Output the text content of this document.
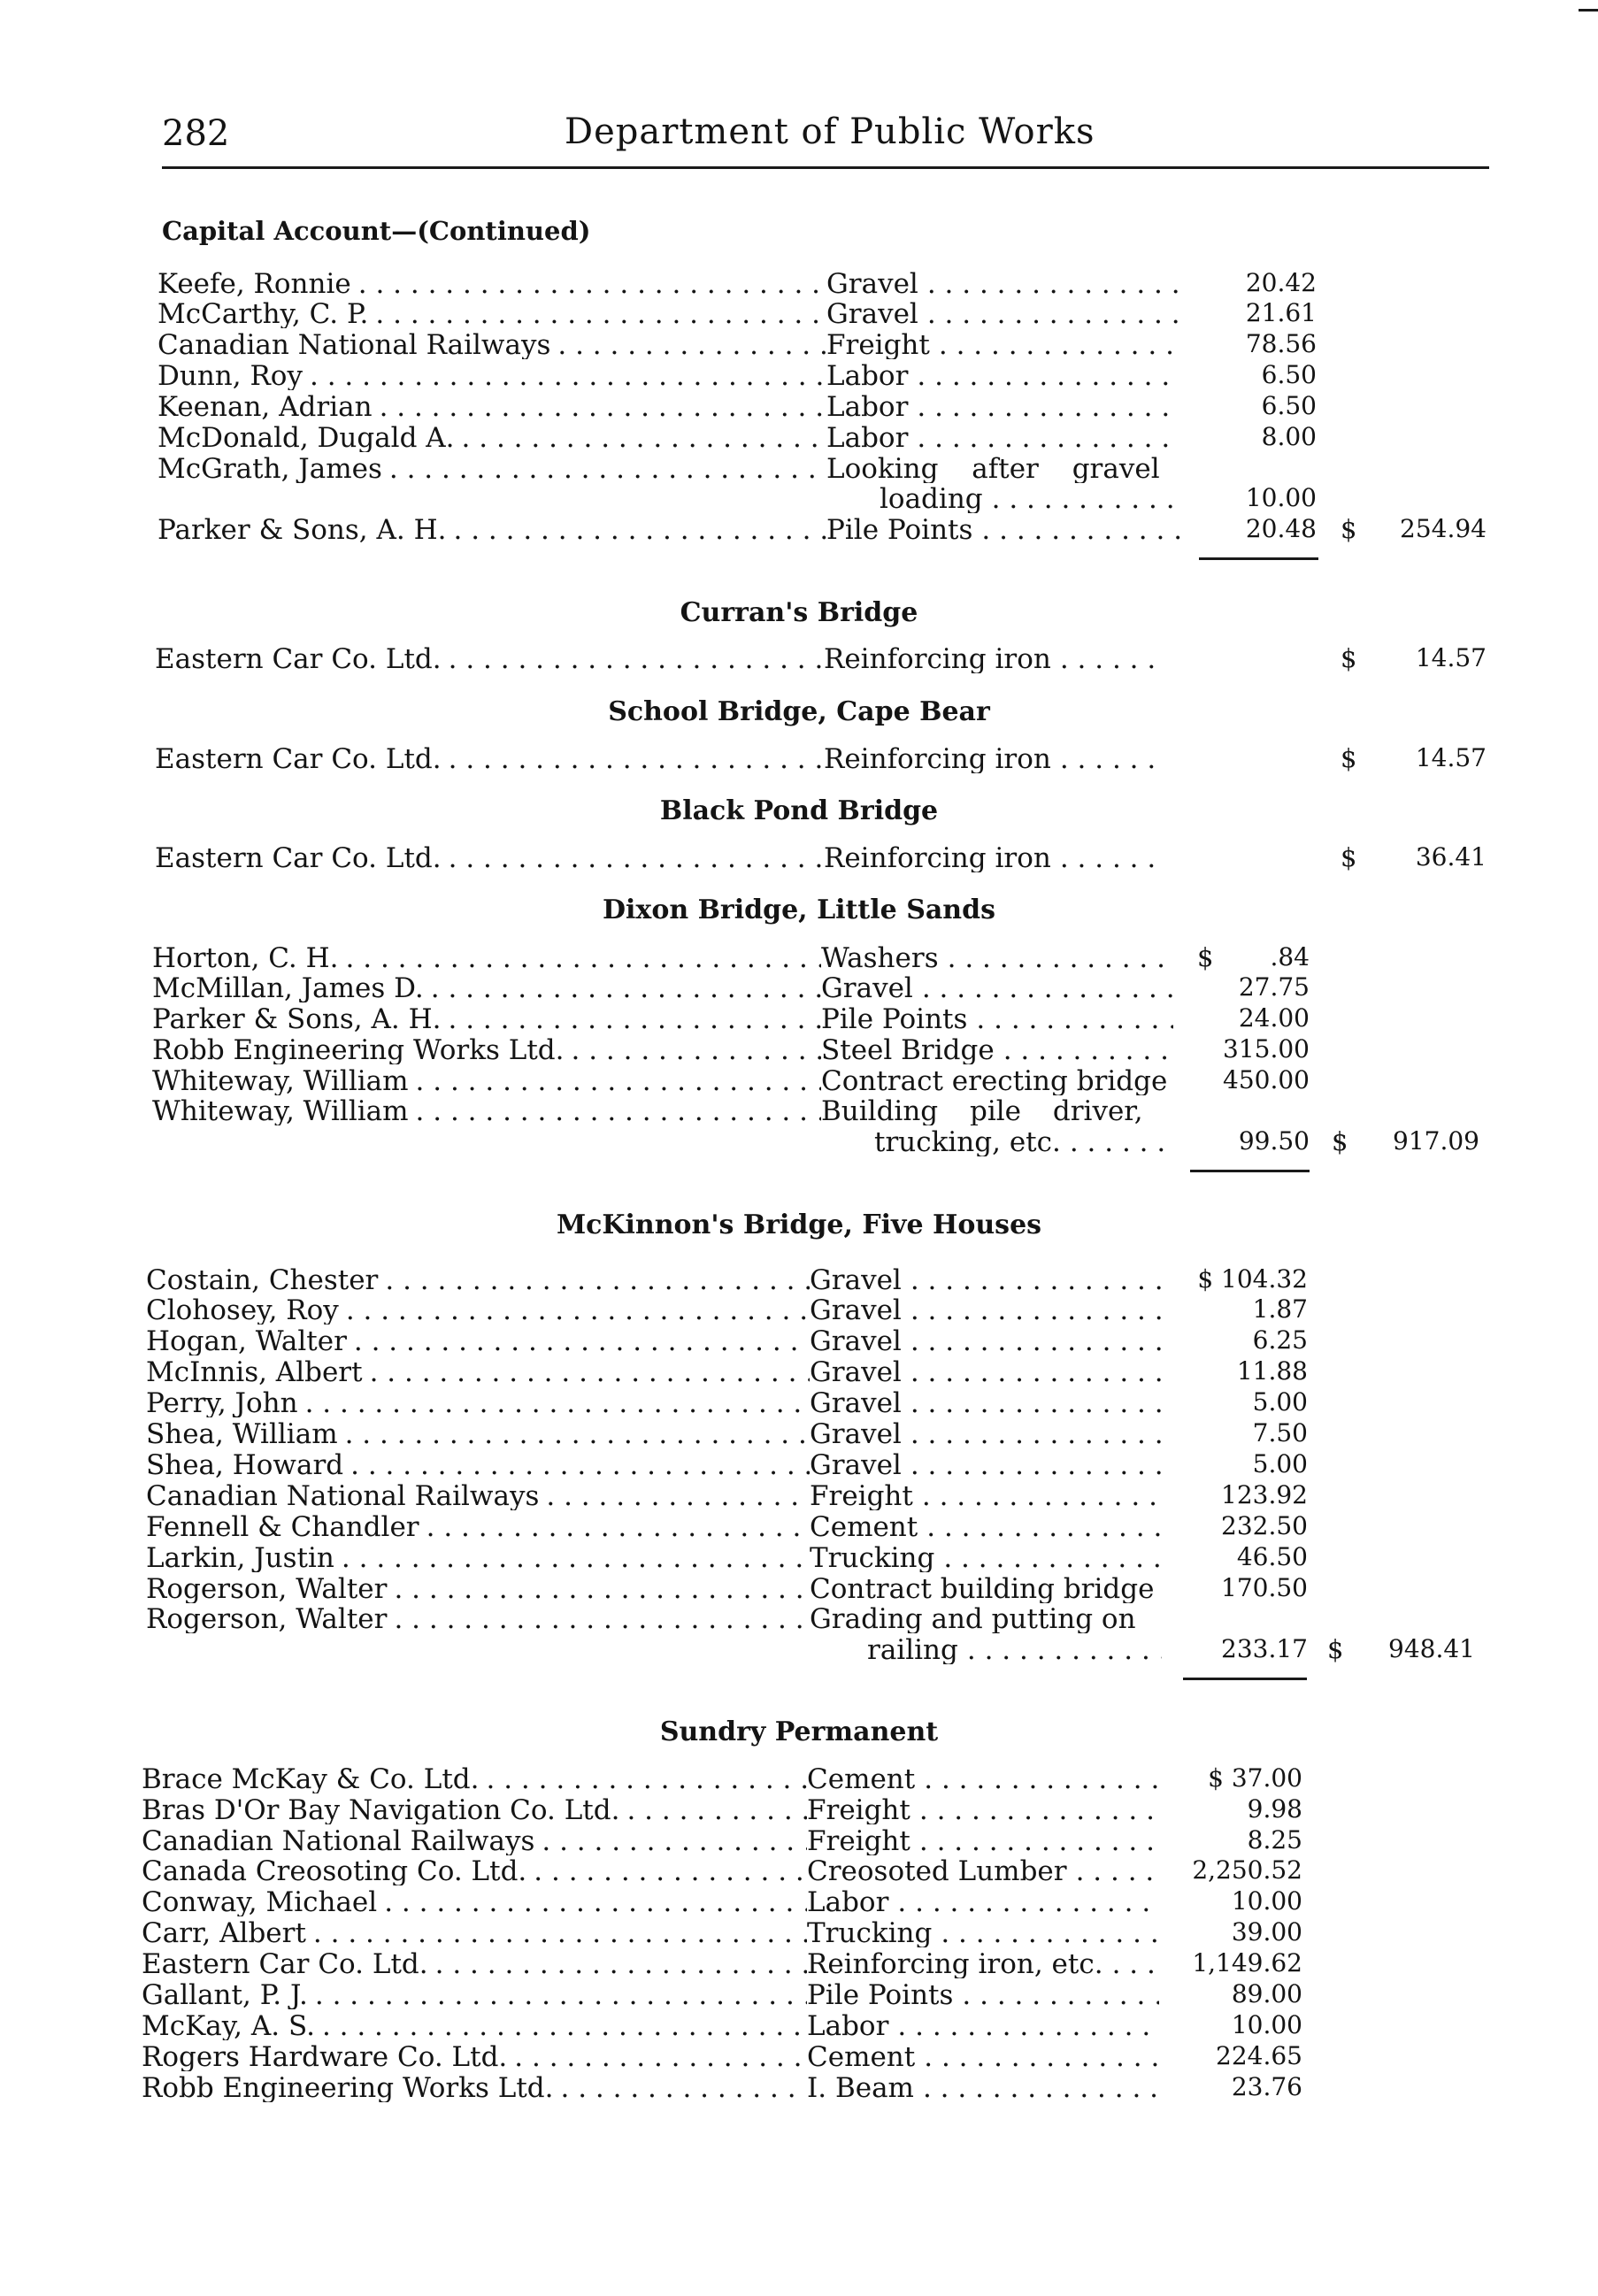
282	Department of Public Works
Capital Account—(Continued)
Keefe, Ronnie . . .	Gravel . . .	20.42
McCarthy, C. P. . . .	Gravel . . .	21.61
Canadian National Railways . . .	Freight . . .	78.56
Dunn, Roy . . .	Labor . . .	6.50
Keenan, Adrian . . .	Labor . . .	6.50
McDonald, Dugald A. . . .	Labor . . .	8.00
McGrath, James . . .	Looking after gravel
loading . . .	10.00
Parker & Sons, A. H. . . .	Pile Points . . .	20.48 $	254.94
Curran's Bridge
Eastern Car Co. Ltd. . . .	Reinforcing iron . . .	$	14.57
School Bridge, Cape Bear
Eastern Car Co. Ltd. . . .	Reinforcing iron . . .	$	14.57
Black Pond Bridge
Eastern Car Co. Ltd. . . .	Reinforcing iron . . .	$	36.41
Dixon Bridge, Little Sands
Horton, C. H. . . .	Washers . . .	$	.84
McMillan, James D. . . .	Gravel . . .	27.75
Parker & Sons, A. H. . . .	Pile Points . . .	24.00
Robb Engineering Works Ltd. . . .	Steel Bridge . . .	315.00
Whiteway, William . . .	Contract erecting bridge	450.00
Whiteway, William . . .	Building pile driver,
trucking, etc. . . .	99.50 $	917.09
McKinnon's Bridge, Five Houses
Costain, Chester . . .	Gravel . . .	$ 104.32
Clohosey, Roy . . .	Gravel . . .	1.87
Hogan, Walter . . .	Gravel . . .	6.25
McInnis, Albert . . .	Gravel . . .	11.88
Perry, John . . .	Gravel . . .	5.00
Shea, William . . .	Gravel . . .	7.50
Shea, Howard . . .	Gravel . . .	5.00
Canadian National Railways . . .	Freight . . .	123.92
Fennell & Chandler . . .	Cement . . .	232.50
Larkin, Justin . . .	Trucking . . .	46.50
Rogerson, Walter . . .	Contract building bridge	170.50
Rogerson, Walter . . .	Grading and putting on
railing . . .	233.17 $	948.41
Sundry Permanent
Brace McKay & Co. Ltd. . . .	Cement . . .	$ 37.00
Bras D'Or Bay Navigation Co. Ltd. . . .	Freight . . .	9.98
Canadian National Railways . . .	Freight . . .	8.25
Canada Creosoting Co. Ltd. . . .	Creosoted Lumber . . .	2,250.52
Conway, Michael . . .	Labor . . .	10.00
Carr, Albert . . .	Trucking . . .	39.00
Eastern Car Co. Ltd. . . .	Reinforcing iron, etc. . . .	1,149.62
Gallant, P. J. . . .	Pile Points . . .	89.00
McKay, A. S. . . .	Labor . . .	10.00
Rogers Hardware Co. Ltd. . . .	Cement . . .	224.65
Robb Engineering Works Ltd. . . .	I. Beam . . .	23.76
